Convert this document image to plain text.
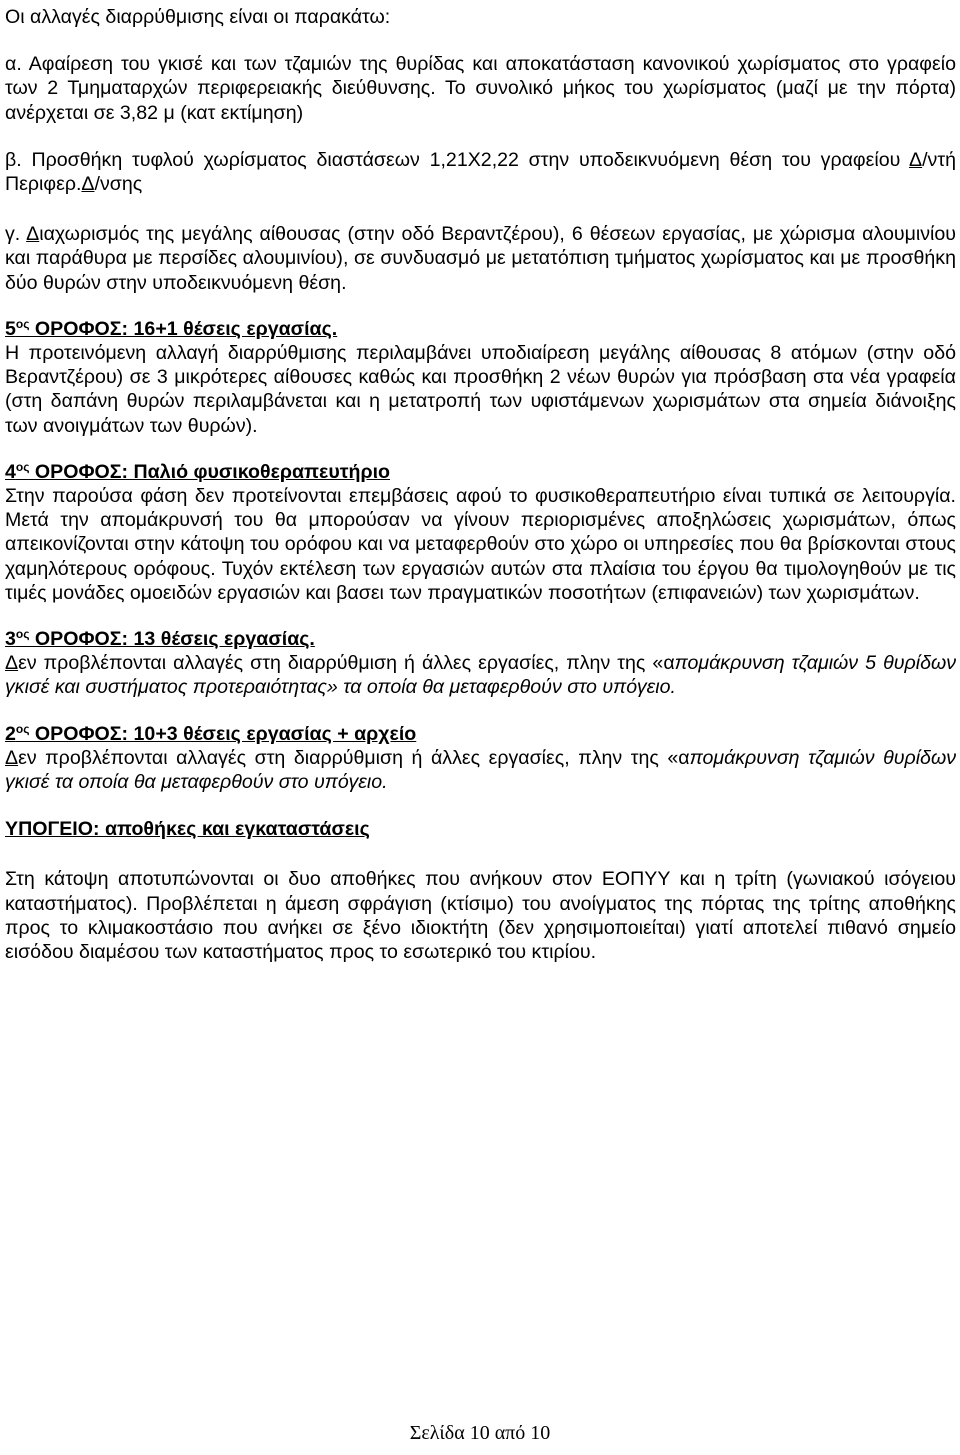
Οι αλλαγές διαρρύθμισης είναι οι παρακάτω:

α. Αφαίρεση του γκισέ και των τζαμιών της θυρίδας και αποκατάσταση κανονικού χωρίσματος στο γραφείο των 2 Τμηματαρχών περιφερειακής διεύθυνσης. Το συνολικό μήκος του χωρίσματος (μαζί με την πόρτα) ανέρχεται σε 3,82 μ (κατ εκτίμηση)

β. Προσθήκη τυφλού χωρίσματος διαστάσεων 1,21Χ2,22 στην υποδεικνυόμενη θέση του γραφείου Δ/ντή Περιφερ.Δ/νσης

γ. Διαχωρισμός της μεγάλης αίθουσας (στην οδό Βεραντζέρου), 6 θέσεων εργασίας, με χώρισμα αλουμινίου και παράθυρα με περσίδες αλουμινίου), σε συνδυασμό με μετατόπιση τμήματος χωρίσματος και με προσθήκη δύο θυρών στην υποδεικνυόμενη θέση.

$5^{o\varsigma}$ ΟΡΟΦΟΣ: 16+1 θέσεις εργασίας.

Η προτεινόμενη αλλαγή διαρρύθμισης περιλαμβάνει υποδιαίρεση μεγάλης αίθουσας 8 ατόμων (στην οδό Βεραντζέρου) σε 3 μικρότερες αίθουσες καθώς και προσθήκη 2 νέων θυρών για πρόσβαση στα νέα γραφεία (στη δαπάνη θυρών περιλαμβάνεται και η μετατροπή των υφιστάμενων χωρισμάτων στα σημεία διάνοιξης των ανοιγμάτων των θυρών).

$4^{o\varsigma}$ ΟΡΟΦΟΣ: Παλιό φυσικοθεραπευτήριο

Στην παρούσα φάση δεν προτείνονται επεμβάσεις αφού το φυσικοθεραπευτήριο είναι τυπικά σε λειτουργία. Μετά την απομάκρυνσή του θα μπορούσαν να γίνουν περιορισμένες αποξηλώσεις χωρισμάτων, όπως απεικονίζονται στην κάτοψη του ορόφου και να μεταφερθούν στο χώρο οι υπηρεσίες που θα βρίσκονται στους χαμηλότερους ορόφους. Τυχόν εκτέλεση των εργασιών αυτών στα πλαίσια του έργου θα τιμολογηθούν με τις τιμές μονάδες ομοειδών εργασιών και βασει των πραγματικών ποσοτήτων (επιφανειών) των χωρισμάτων.

$3^{o\varsigma}$ ΟΡΟΦΟΣ: 13 θέσεις εργασίας.

Δεν προβλέπονται αλλαγές στη διαρρύθμιση ή άλλες εργασίες, πλην της «απομάκρυνση τζαμιών 5 θυρίδων γκισέ και συστήματος προτεραιότητας» τα οποία θα μεταφερθούν στο υπόγειο.

$2^{o\varsigma}$ ΟΡΟΦΟΣ: 10+3 θέσεις εργασίας + αρχείο

Δεν προβλέπονται αλλαγές στη διαρρύθμιση ή άλλες εργασίες, πλην της «απομάκρυνση τζαμιών θυρίδων γκισέ τα οποία θα μεταφερθούν στο υπόγειο.

ΥΠΟΓΕΙΟ: αποθήκες και εγκαταστάσεις

Στη κάτοψη αποτυπώνονται οι δυο αποθήκες που ανήκουν στον ΕΟΠΥΥ και η τρίτη (γωνιακού ισόγειου καταστήματος). Προβλέπεται η άμεση σφράγιση (κτίσιμο) του ανοίγματος της πόρτας της τρίτης αποθήκης προς το κλιμακοστάσιο που ανήκει σε ξένο ιδιοκτήτη (δεν χρησιμοποιείται) γιατί αποτελεί πιθανό σημείο εισόδου διαμέσου των καταστήματος προς το εσωτερικό του κτιρίου.

Σελίδα 10 από 10
